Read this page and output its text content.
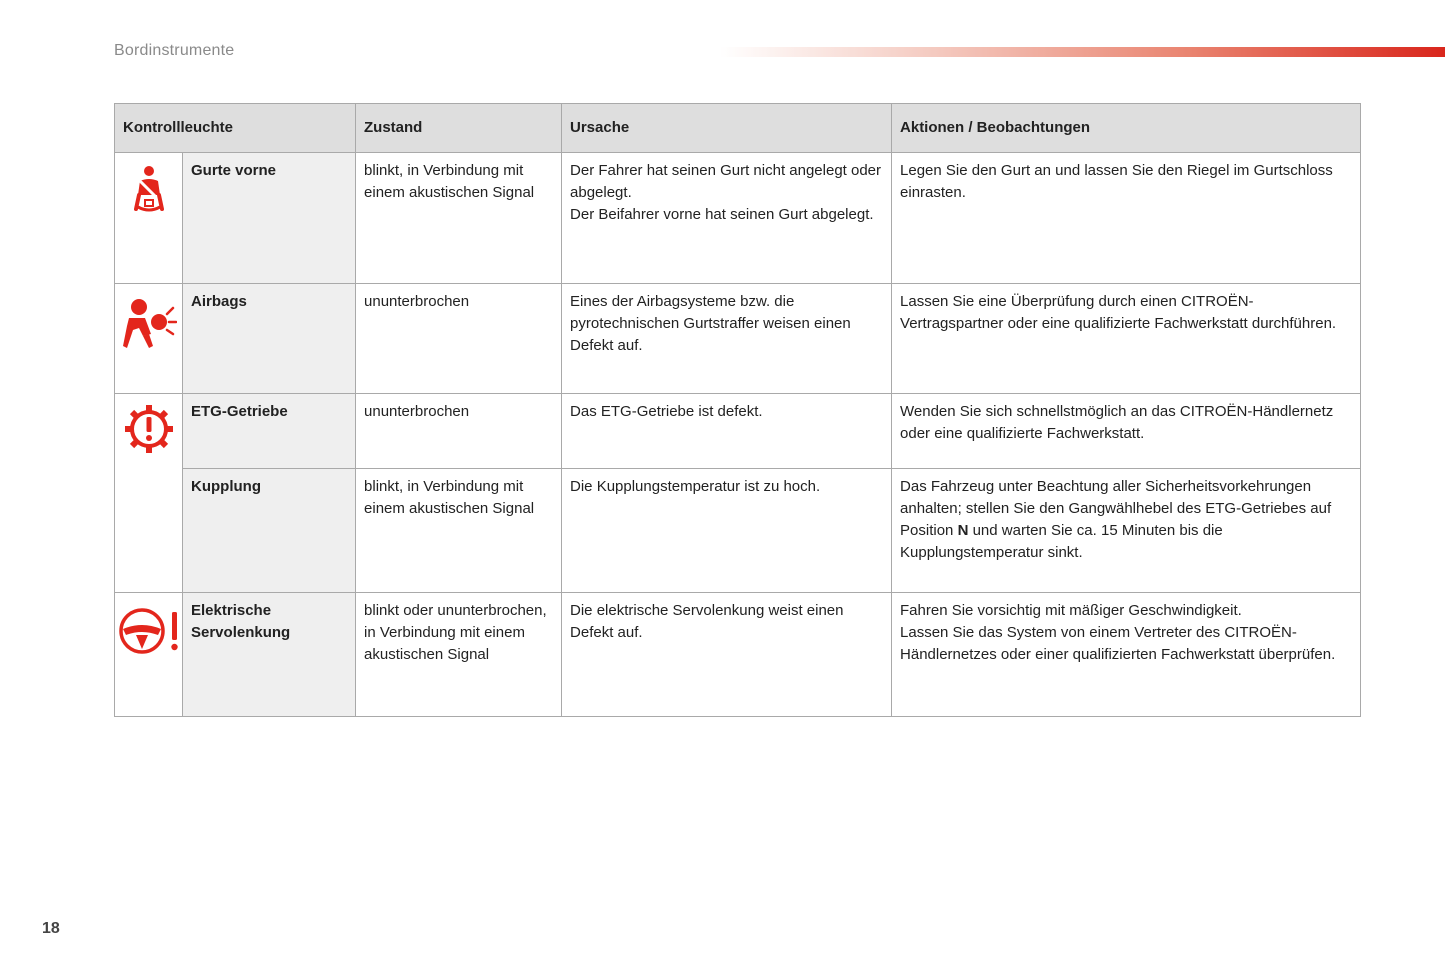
Bordinstrumente
Kontrollleuchte		Zustand	Ursache	Aktionen / Beobachtungen

	Gurte vorne	blinkt, in Verbindung mit einem akustischen Signal	Der Fahrer hat seinen Gurt nicht angelegt oder abgelegt.
Der Beifahrer vorne hat seinen Gurt abgelegt.	Legen Sie den Gurt an und lassen Sie den Riegel im Gurtschloss einrasten.

	Airbags	ununterbrochen	Eines der Airbagsysteme bzw. die pyrotechnischen Gurtstraffer weisen einen Defekt auf.	Lassen Sie eine Überprüfung durch einen CITROËN-Vertragspartner oder eine qualifizierte Fachwerkstatt durchführen.

	ETG-Getriebe	ununterbrochen	Das ETG-Getriebe ist defekt.	Wenden Sie sich schnellstmöglich an das CITROËN-Händlernetz oder eine qualifizierte Fachwerkstatt.
	Kupplung	blinkt, in Verbindung mit einem akustischen Signal	Die Kupplungstemperatur ist zu hoch.	Das Fahrzeug unter Beachtung aller Sicherheitsvorkehrungen anhalten; stellen Sie den Gangwählhebel des ETG-Getriebes auf Position N und warten Sie ca. 15 Minuten bis die Kupplungstemperatur sinkt.

	Elektrische Servolenkung	blinkt oder ununterbrochen, in Verbindung mit einem akustischen Signal	Die elektrische Servolenkung weist einen Defekt auf.	Fahren Sie vorsichtig mit mäßiger Geschwindigkeit.
Lassen Sie das System von einem Vertreter des CITROËN-Händlernetzes oder einer qualifizierten Fachwerkstatt überprüfen.
18
